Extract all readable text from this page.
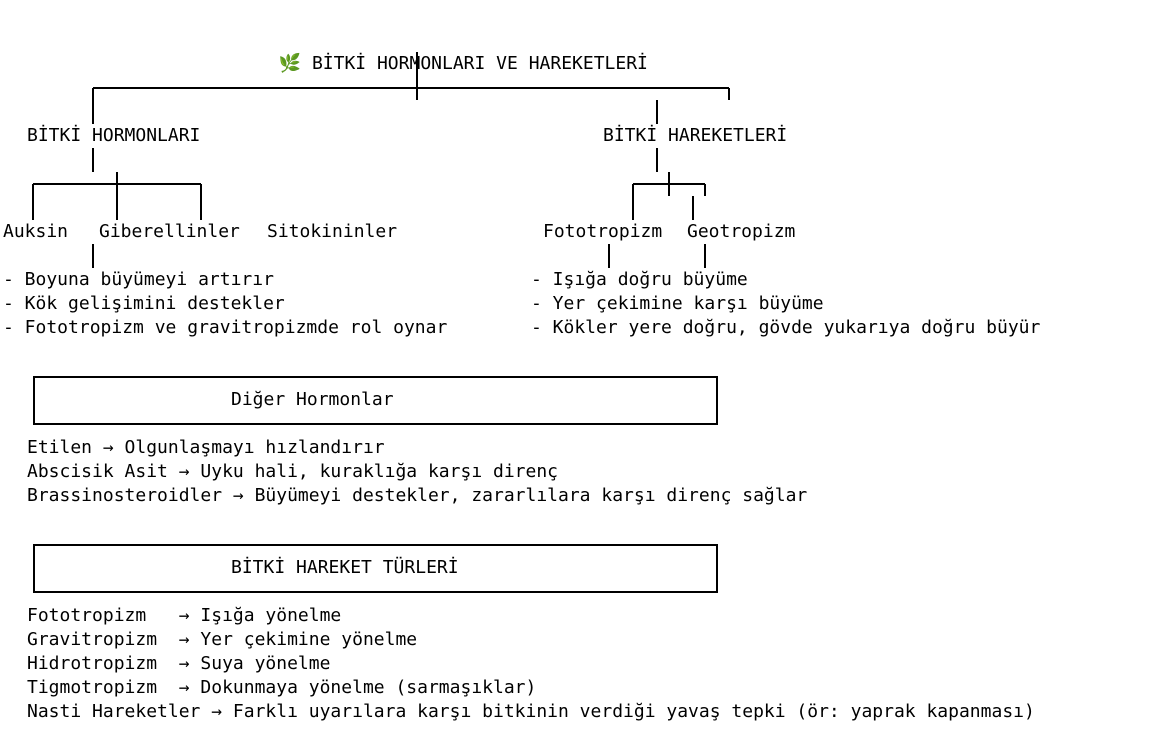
🌿 BİTKİ HORMONLARI VE HAREKETLERİ

BİTKİ HORMONLARI	BİTKİ HAREKETLERİ
Auksin Giberellinler Sitokininler	Fototropizm Geotropizm
- Boyuna büyümeyi artırır
- Kök gelişimini destekler
- Fototropizm ve gravitropizmde rol oynar
- Işığa doğru büyüme
- Yer çekimine karşı büyüme
- Kökler yere doğru, gövde yukarıya doğru büyür
Diğer Hormonlar
Etilen → Olgunlaşmayı hızlandırır
Abscisik Asit → Uyku hali, kuraklığa karşı direnç
Brassinosteroidler → Büyümeyi destekler, zararlılara karşı direnç sağlar
BİTKİ HAREKET TÜRLERİ
Fototropizm   → Işığa yönelme
Gravitropizm  → Yer çekimine yönelme
Hidrotropizm  → Suya yönelme
Tigmotropizm  → Dokunmaya yönelme (sarmaşıklar)
Nasti Hareketler → Farklı uyarılara karşı bitkinin verdiği yavaş tepki (ör: yaprak kapanması)
